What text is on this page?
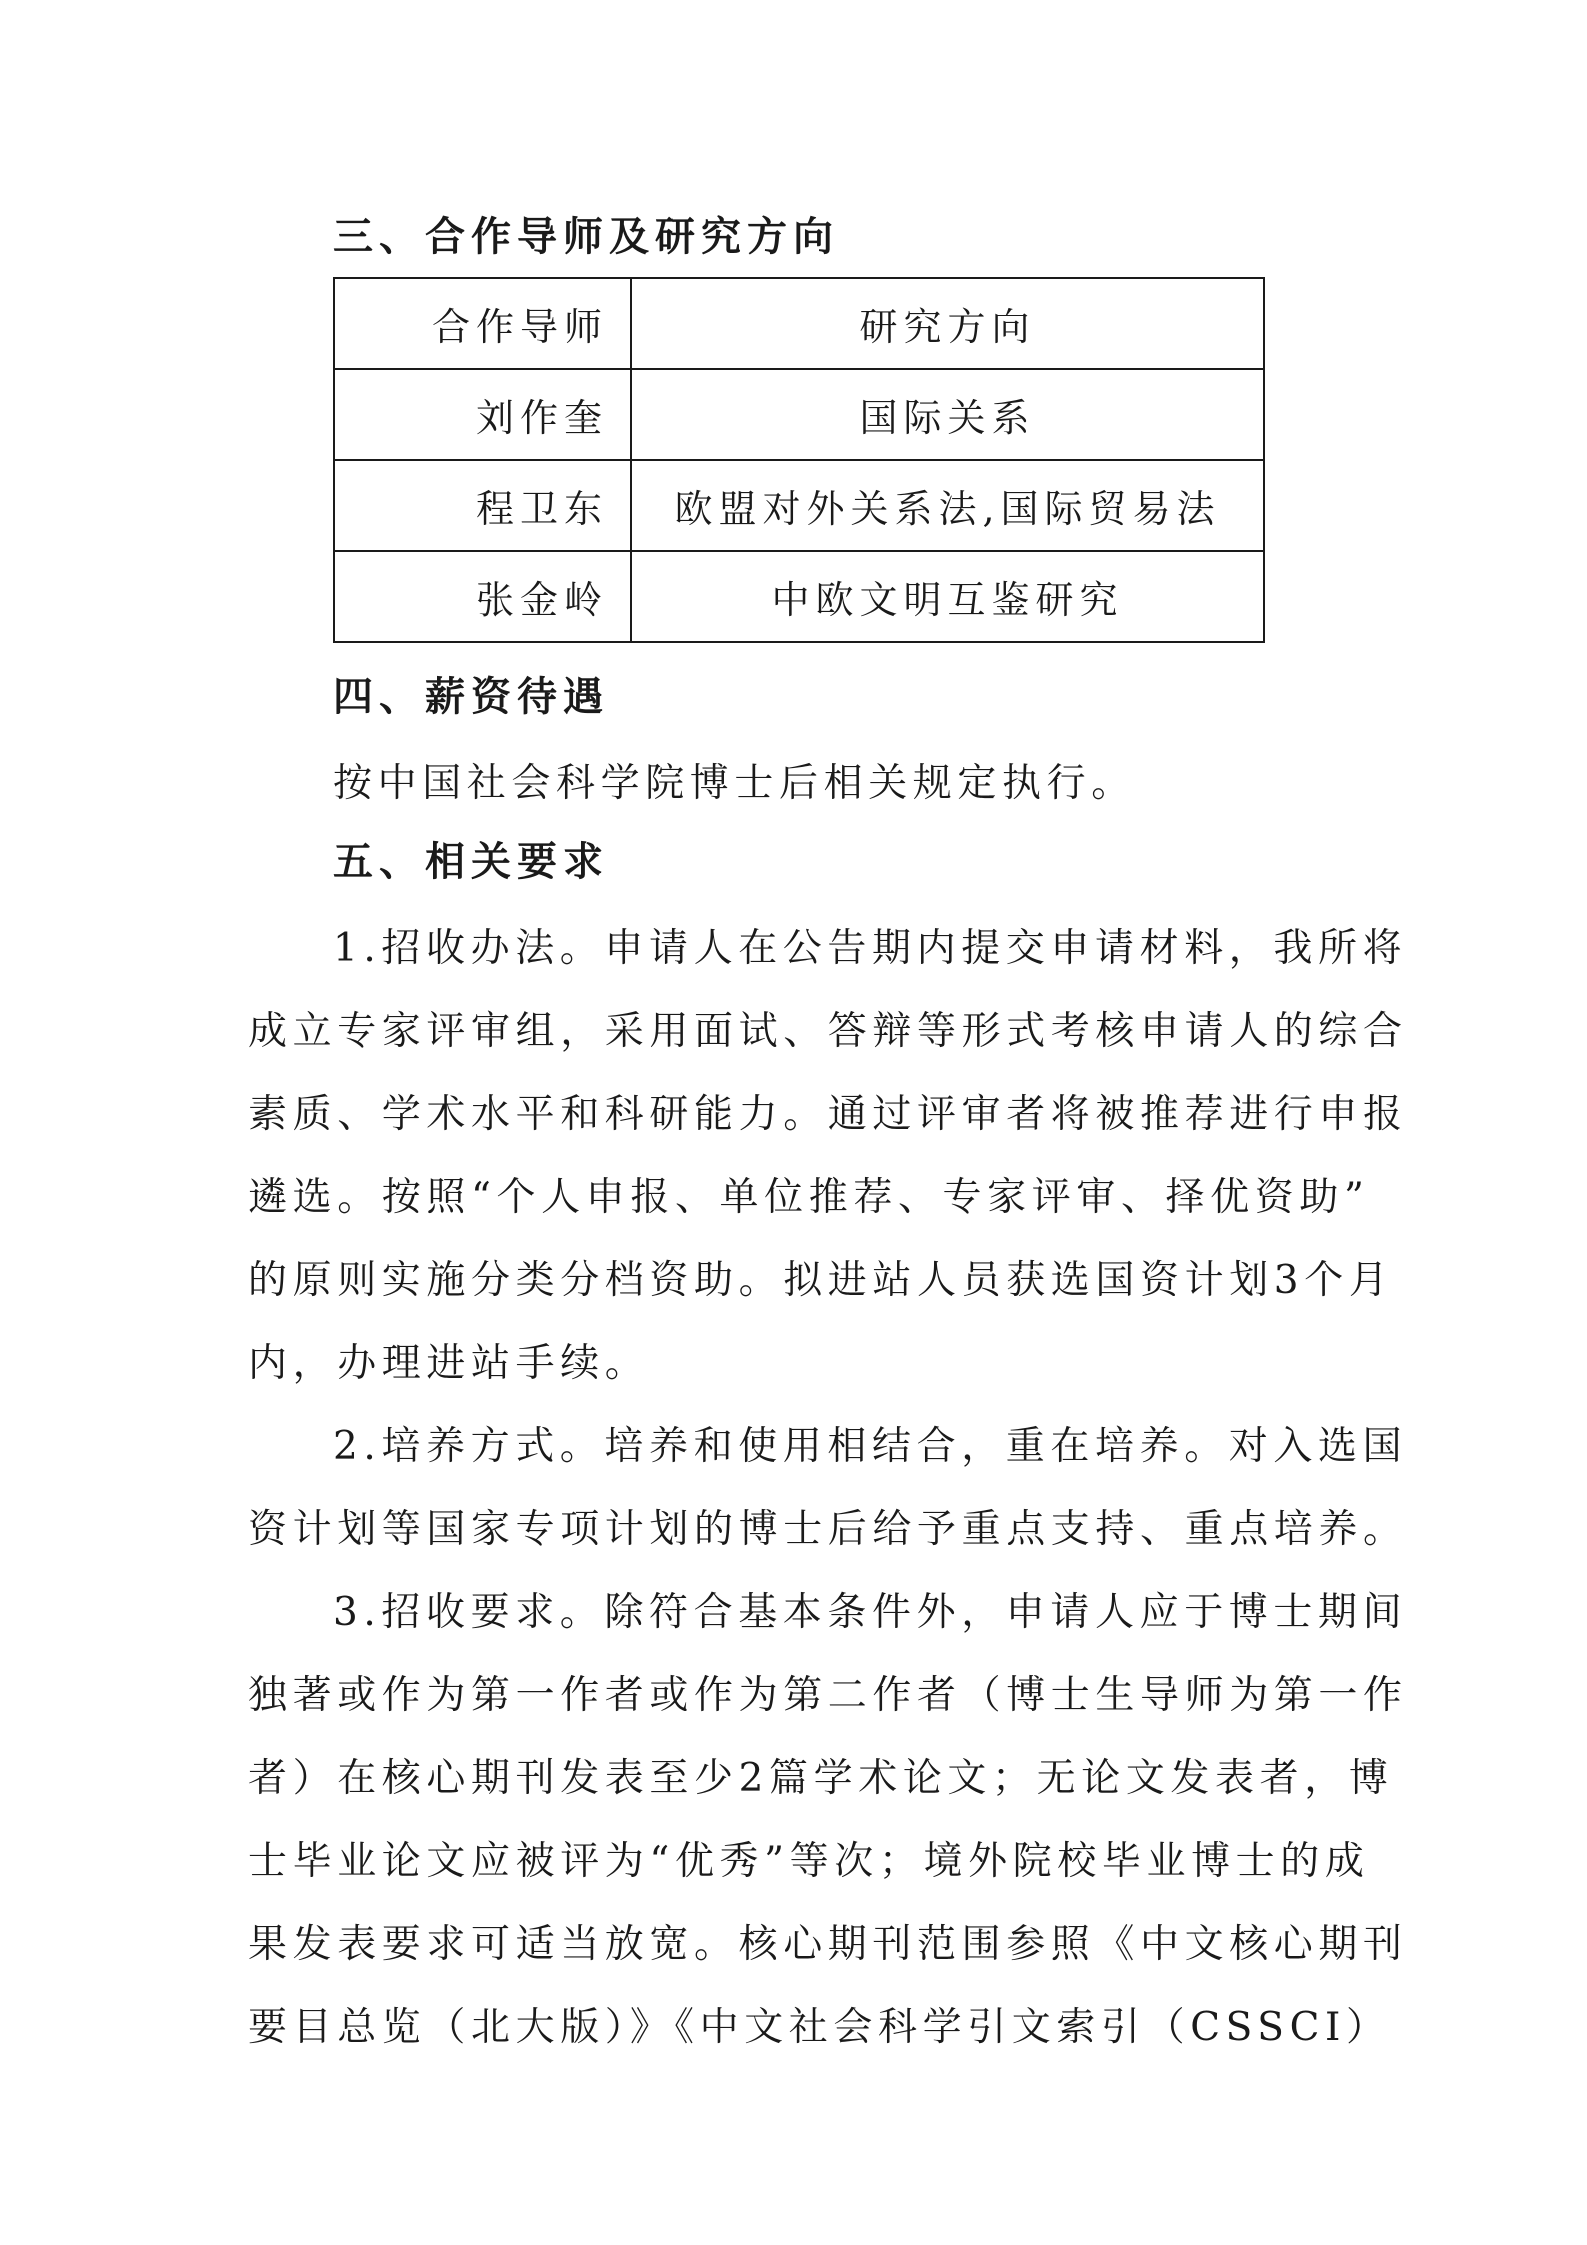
三、合作导师及研究方向
合作导师	研究方向
刘作奎	国际关系
程卫东	欧盟对外关系法,国际贸易法
张金岭	中欧文明互鉴研究
四、薪资待遇

按中国社会科学院博士后相关规定执行。

五、相关要求

1.招收办法。申请人在公告期内提交申请材料，我所将
成立专家评审组，采用面试、答辩等形式考核申请人的综合
素质、学术水平和科研能力。通过评审者将被推荐进行申报
遴选。按照“个人申报、单位推荐、专家评审、择优资助”
的原则实施分类分档资助。拟进站人员获选国资计划3个月
内，办理进站手续。

2.培养方式。培养和使用相结合，重在培养。对入选国
资计划等国家专项计划的博士后给予重点支持、重点培养。

3.招收要求。除符合基本条件外，申请人应于博士期间
独著或作为第一作者或作为第二作者（博士生导师为第一作
者）在核心期刊发表至少2篇学术论文；无论文发表者，博
士毕业论文应被评为“优秀”等次；境外院校毕业博士的成
果发表要求可适当放宽。核心期刊范围参照《中文核心期刊
要目总览（北大版）》《中文社会科学引文索引（CSSCI）
